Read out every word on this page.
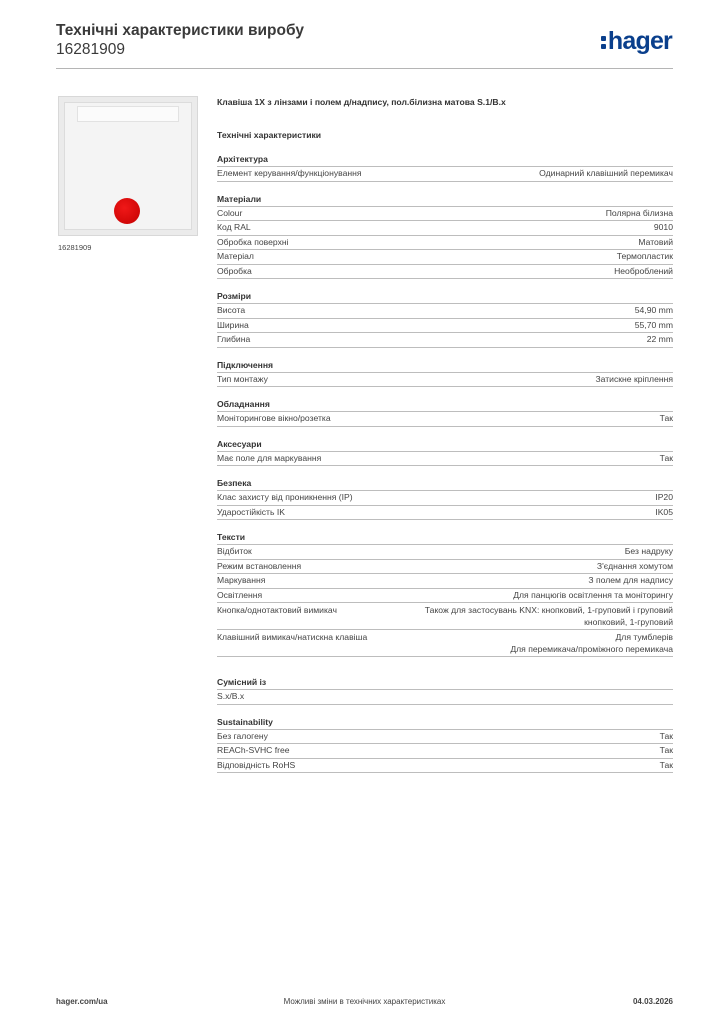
Технічні характеристики виробу
16281909	hager
16281909
Клавіша 1Х з лінзами і полем д/надпису, пол.білизна матова S.1/B.x
Технічні характеристики
Архітектура
Елемент керування/функціонування	Одинарний клавішний перемикач
Матеріали
Colour	Полярна білизна
Код RAL	9010
Обробка поверхні	Матовий
Матеріал	Термопластик
Обробка	Необроблений
Розміри
Висота	54,90 mm
Ширина	55,70 mm
Глибина	22 mm
Підключення
Тип монтажу	Затискне кріплення
Обладнання
Моніторингове вікно/розетка	Так
Аксесуари
Має поле для маркування	Так
Безпека
Клас захисту від проникнення (IP)	IP20
Ударостійкість IK	IK05
Тексти
Відбиток	Без надруку
Режим встановлення	З'єднання хомутом
Маркування	З полем для надпису
Освітлення	Для панцюгів освітлення та моніторингу
Кнопка/однотактовий вимикач	Також для застосувань KNX: кнопковий, 1-груповий і груповий
кнопковий, 1-груповий
Клавішний вимикач/натискна клавіша	Для тумблерів
Для перемикача/проміжного перемикача
Сумісний із
S.x/B.x
Sustainability
Без галогену	Так
REACh-SVHC free	Так
Відповідність RoHS	Так
hager.com/ua	Можливі зміни в технічних характеристиках	04.03.2026
